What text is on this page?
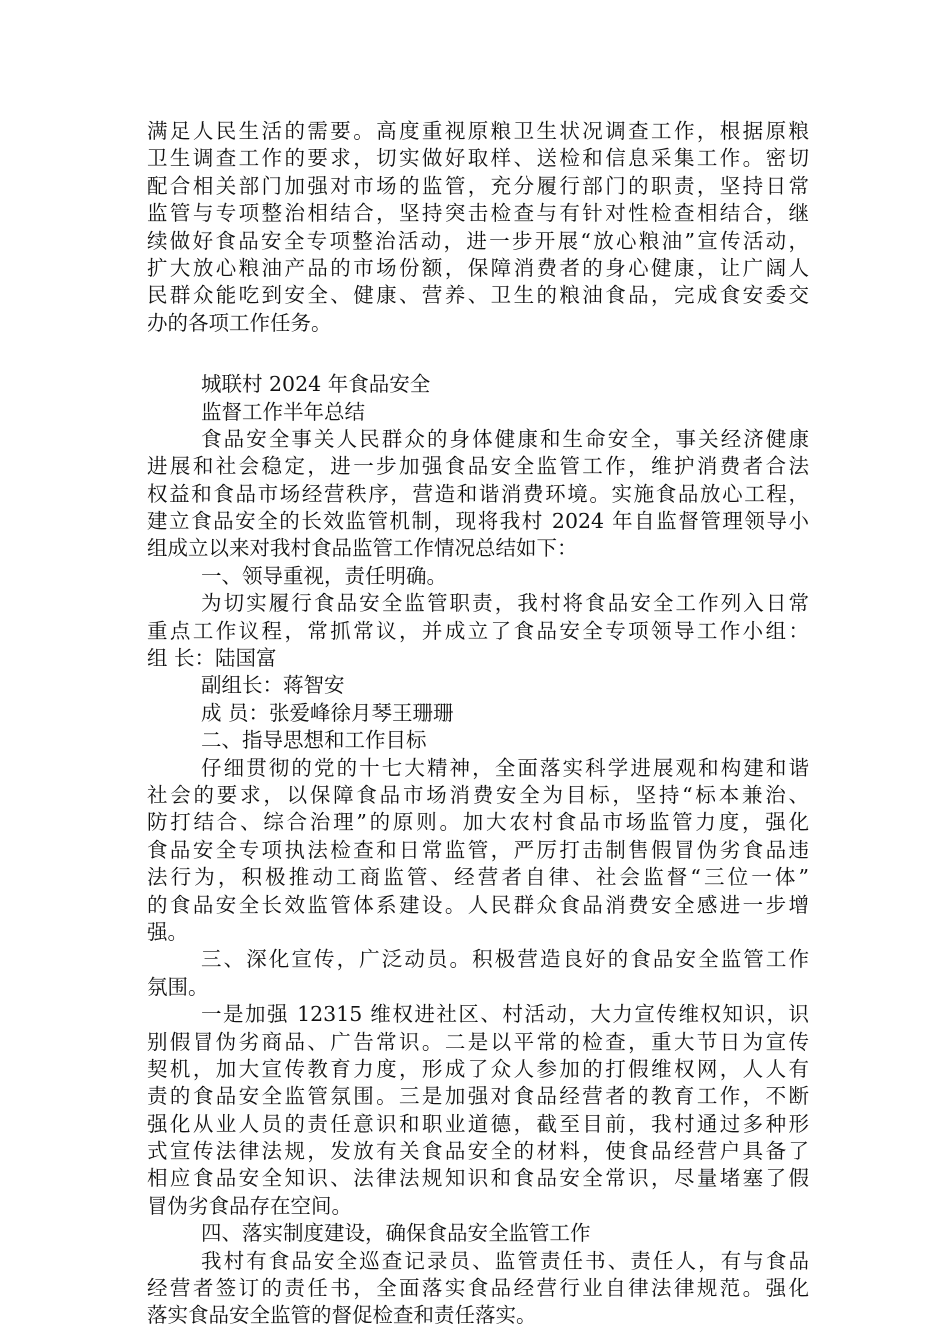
满足人民生活的需要。高度重视原粮卫生状况调查工作，根据原粮
卫生调查工作的要求，切实做好取样、送检和信息采集工作。密切
配合相关部门加强对市场的监管，充分履行部门的职责，坚持日常
监管与专项整治相结合，坚持突击检查与有针对性检查相结合，继
续做好食品安全专项整治活动，进一步开展“放心粮油”宣传活动，
扩大放心粮油产品的市场份额，保障消费者的身心健康，让广阔人
民群众能吃到安全、健康、营养、卫生的粮油食品，完成食安委交
办的各项工作任务。
城联村 2024 年食品安全
监督工作半年总结
食品安全事关人民群众的身体健康和生命安全，事关经济健康
进展和社会稳定，进一步加强食品安全监管工作，维护消费者合法
权益和食品市场经营秩序，营造和谐消费环境。实施食品放心工程，
建立食品安全的长效监管机制，现将我村 2024 年自监督管理领导小
组成立以来对我村食品监管工作情况总结如下：
一、领导重视，责任明确。
为切实履行食品安全监管职责，我村将食品安全工作列入日常
重点工作议程，常抓常议，并成立了食品安全专项领导工作小组：
组 长：陆国富
副组长：蒋智安
成 员：张爱峰徐月琴王珊珊
二、指导思想和工作目标
仔细贯彻的党的十七大精神，全面落实科学进展观和构建和谐
社会的要求，以保障食品市场消费安全为目标，坚持“标本兼治、
防打结合、综合治理”的原则。加大农村食品市场监管力度，强化
食品安全专项执法检查和日常监管，严厉打击制售假冒伪劣食品违
法行为，积极推动工商监管、经营者自律、社会监督“三位一体”
的食品安全长效监管体系建设。人民群众食品消费安全感进一步增
强。
三、深化宣传，广泛动员。积极营造良好的食品安全监管工作
氛围。
一是加强 12315 维权进社区、村活动，大力宣传维权知识，识
别假冒伪劣商品、广告常识。二是以平常的检查，重大节日为宣传
契机，加大宣传教育力度，形成了众人参加的打假维权网，人人有
责的食品安全监管氛围。三是加强对食品经营者的教育工作，不断
强化从业人员的责任意识和职业道德，截至目前，我村通过多种形
式宣传法律法规，发放有关食品安全的材料，使食品经营户具备了
相应食品安全知识、法律法规知识和食品安全常识，尽量堵塞了假
冒伪劣食品存在空间。
四、落实制度建设，确保食品安全监管工作
我村有食品安全巡查记录员、监管责任书、责任人，有与食品
经营者签订的责任书，全面落实食品经营行业自律法律规范。强化
落实食品安全监管的督促检查和责任落实。
